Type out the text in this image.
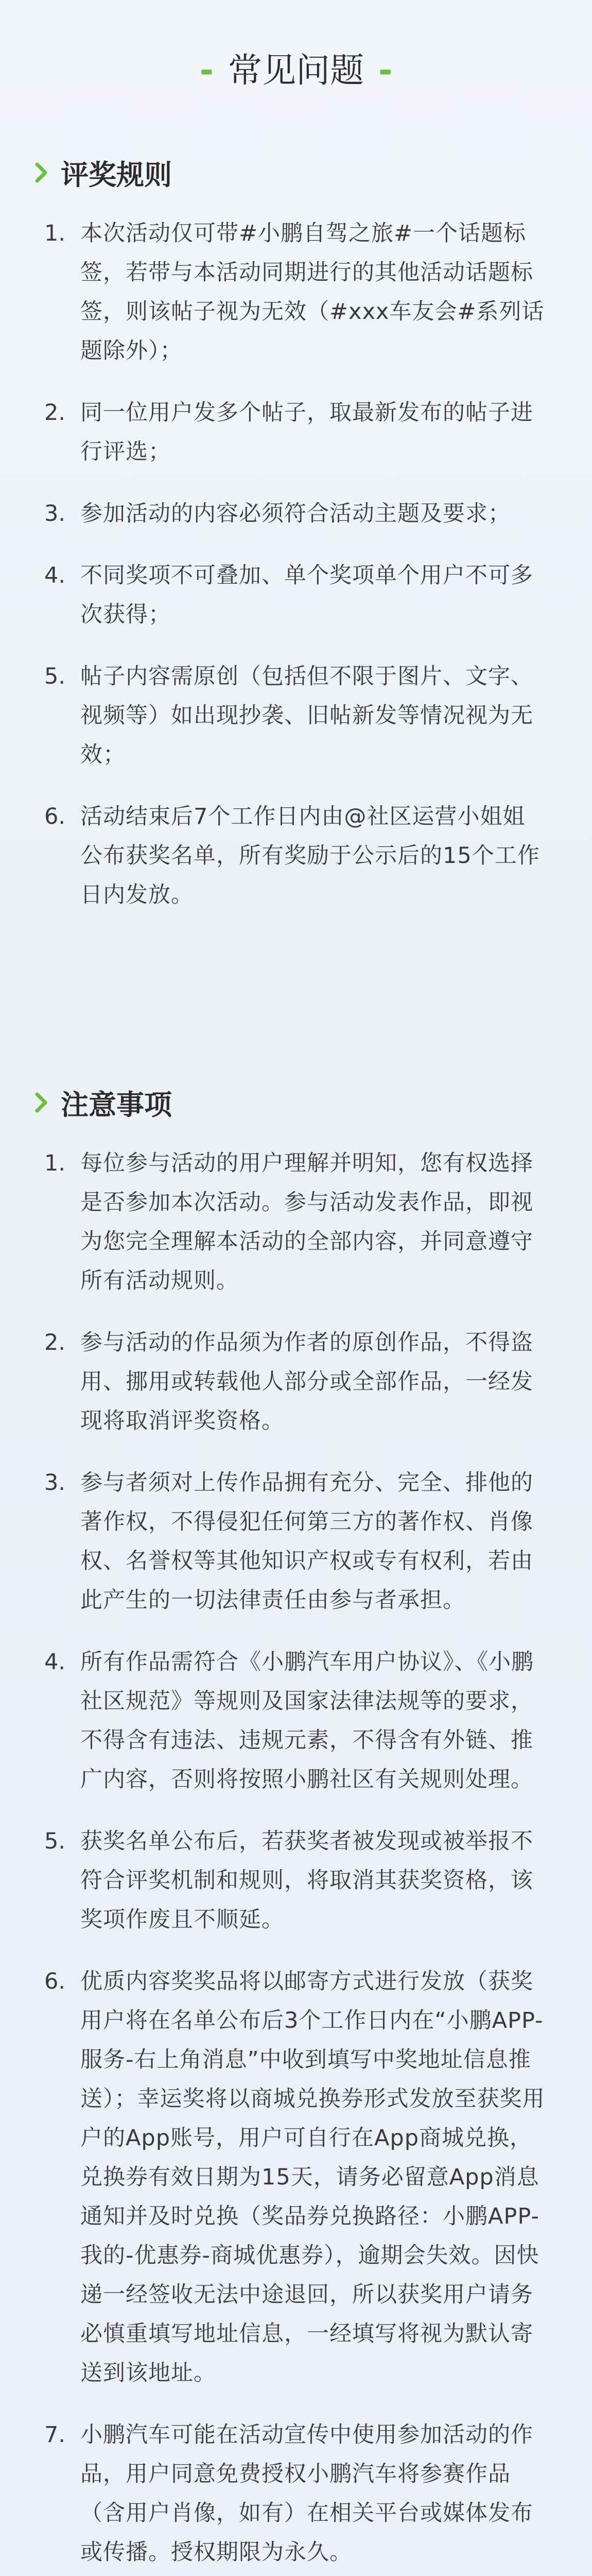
- 常见问题 -
评奖规则
1. 本次活动仅可带#小鹏自驾之旅#一个话题标签，若带与本活动同期进行的其他活动话题标签，则该帖子视为无效（#xxx车友会#系列话题除外）；
2. 同一位用户发多个帖子，取最新发布的帖子进行评选；
3. 参加活动的内容必须符合活动主题及要求；
4. 不同奖项不可叠加、单个奖项单个用户不可多次获得；
5. 帖子内容需原创（包括但不限于图片、文字、视频等）如出现抄袭、旧帖新发等情况视为无效；
6. 活动结束后7个工作日内由@社区运营小姐姐 公布获奖名单，所有奖励于公示后的15个工作日内发放。
注意事项
1. 每位参与活动的用户理解并明知，您有权选择是否参加本次活动。参与活动发表作品，即视为您完全理解本活动的全部内容，并同意遵守所有活动规则。
2. 参与活动的作品须为作者的原创作品，不得盗用、挪用或转载他人部分或全部作品，一经发现将取消评奖资格。
3. 参与者须对上传作品拥有充分、完全、排他的著作权，不得侵犯任何第三方的著作权、肖像权、名誉权等其他知识产权或专有权利，若由此产生的一切法律责任由参与者承担。
4. 所有作品需符合《小鹏汽车用户协议》、《小鹏社区规范》等规则及国家法律法规等的要求，不得含有违法、违规元素，不得含有外链、推广内容，否则将按照小鹏社区有关规则处理。
5. 获奖名单公布后，若获奖者被发现或被举报不符合评奖机制和规则，将取消其获奖资格，该奖项作废且不顺延。
6. 优质内容奖奖品将以邮寄方式进行发放（获奖用户将在名单公布后3个工作日内在“小鹏APP-服务-右上角消息”中收到填写中奖地址信息推送）；幸运奖将以商城兑换券形式发放至获奖用户的App账号，用户可自行在App商城兑换，兑换券有效日期为15天，请务必留意App消息通知并及时兑换（奖品券兑换路径：小鹏APP-我的-优惠券-商城优惠券），逾期会失效。因快递一经签收无法中途退回，所以获奖用户请务必慎重填写地址信息，一经填写将视为默认寄送到该地址。
7. 小鹏汽车可能在活动宣传中使用参加活动的作品，用户同意免费授权小鹏汽车将参赛作品（含用户肖像，如有）在相关平台或媒体发布或传播。授权期限为永久。
